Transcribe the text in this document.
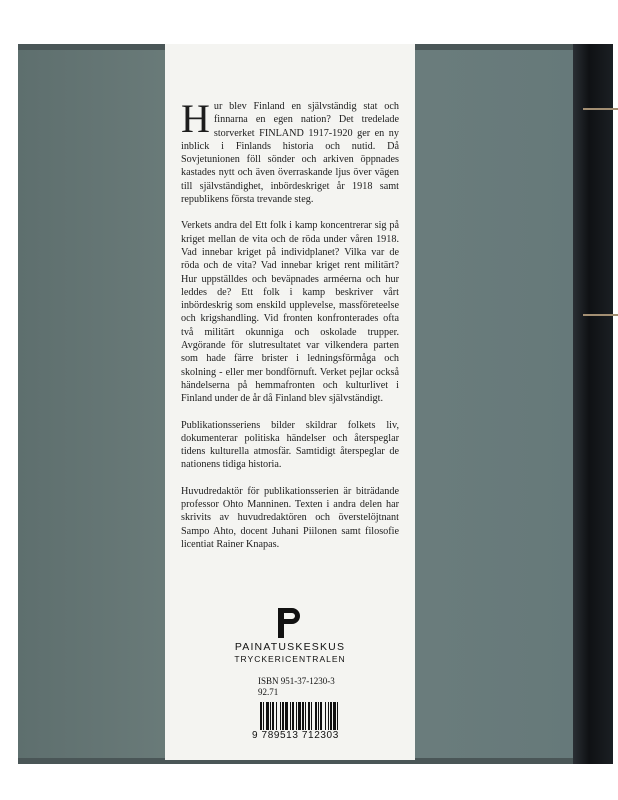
Hur blev Finland en självständig stat och finnarna en egen nation? Det tredelade storverket FINLAND 1917-1920 ger en ny inblick i Finlands historia och nutid. Då Sovjetunionen föll sönder och arkiven öppnades kastades nytt och även överraskande ljus över vägen till självständighet, inbördeskriget år 1918 samt republikens första trevande steg.

Verkets andra del Ett folk i kamp koncentrerar sig på kriget mellan de vita och de röda under våren 1918. Vad innebar kriget på individplanet? Vilka var de röda och de vita? Vad innebar kriget rent militärt? Hur uppställdes och beväpnades arméerna och hur leddes de? Ett folk i kamp beskriver vårt inbördeskrig som enskild upplevelse, massföreteelse och krigshandling. Vid fronten konfronterades ofta två militärt okunniga och oskolade trupper. Avgörande för slutresultatet var vilkendera parten som hade färre brister i ledningsförmåga och skolning - eller mer bondförnuft. Verket pejlar också händelserna på hemmafronten och kulturlivet i Finland under de år då Finland blev självständigt.

Publikationsseriens bilder skildrar folkets liv, dokumenterar politiska händelser och återspeglar tidens kulturella atmosfär. Samtidigt återspeglar de nationens tidiga historia.

Huvudredaktör för publikationsserien är biträdande professor Ohto Manninen. Texten i andra delen har skrivits av huvudredaktören och överstelöjtnant Sampo Ahto, docent Juhani Piilonen samt filosofie licentiat Rainer Knapas.

PAINATUSKESKUS
TRYCKERICENTRALEN
ISBN 951-37-1230-3
92.71
9 789513 712303
